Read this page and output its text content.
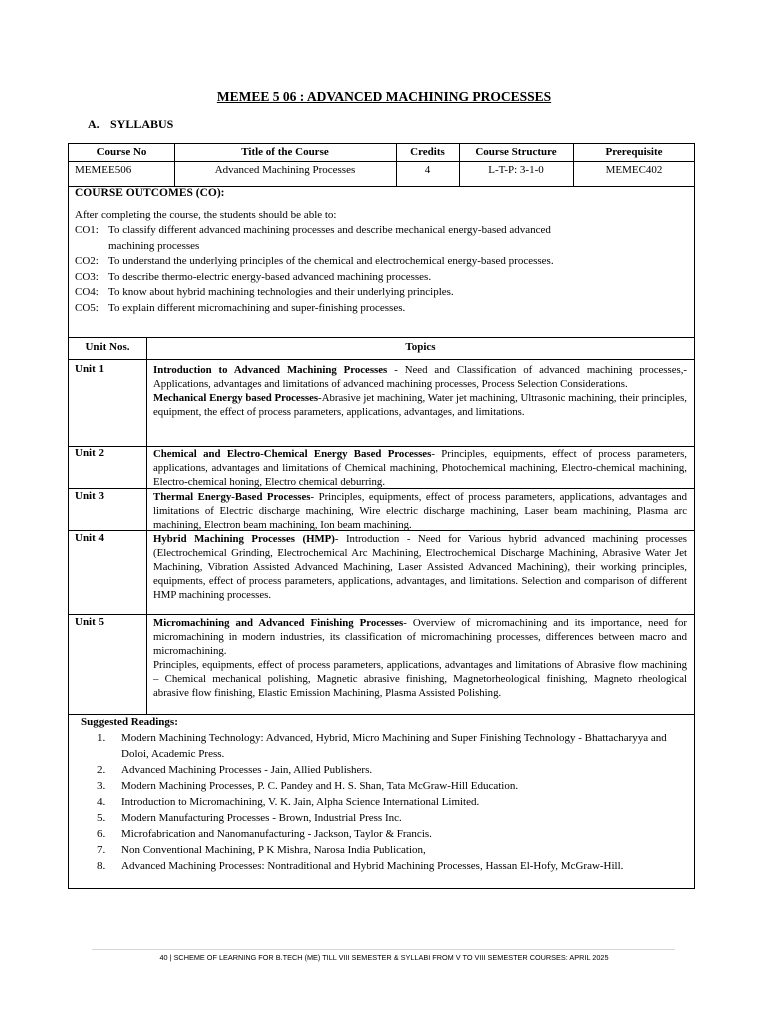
MEMEE 5 06 : ADVANCED MACHINING PROCESSES
A. SYLLABUS
Course No	Title of the Course	Credits	Course Structure	Prerequisite
MEMEE506	Advanced Machining Processes	4	L-T-P: 3-1-0	MEMEC402
COURSE OUTCOMES (CO):
After completing the course, the students should be able to:
CO1: To classify different advanced machining processes and describe mechanical energy-based advanced machining processes
CO2: To understand the underlying principles of the chemical and electrochemical energy-based processes.
CO3: To describe thermo-electric energy-based advanced machining processes.
CO4: To know about hybrid machining technologies and their underlying principles.
CO5: To explain different micromachining and super-finishing processes.
Unit Nos.	Topics
Unit 1	Introduction to Advanced Machining Processes - Need and Classification of advanced machining processes,- Applications, advantages and limitations of advanced machining processes, Process Selection Considerations.

Mechanical Energy based Processes-Abrasive jet machining, Water jet machining, Ultrasonic machining, their principles, equipment, the effect of process parameters, applications, advantages, and limitations.

Unit 2	Chemical and Electro-Chemical Energy Based Processes- Principles, equipments, effect of process parameters, applications, advantages and limitations of Chemical machining, Photochemical machining, Electro-chemical machining, Electro-chemical honing, Electro chemical deburring.

Unit 3	Thermal Energy-Based Processes- Principles, equipments, effect of process parameters, applications, advantages and limitations of Electric discharge machining, Wire electric discharge machining, Laser beam machining, Plasma arc machining, Electron beam machining, Ion beam machining.

Unit 4	Hybrid Machining Processes (HMP)- Introduction - Need for Various hybrid advanced machining processes (Electrochemical Grinding, Electrochemical Arc Machining, Electrochemical Discharge Machining, Abrasive Water Jet Machining, Vibration Assisted Advanced Machining, Laser Assisted Advanced Machining), their working principles, equipments, effect of process parameters, applications, advantages, and limitations. Selection and comparison of different HMP machining processes.

Unit 5	Micromachining and Advanced Finishing Processes- Overview of micromachining and its importance, need for micromachining in modern industries, its classification of micromachining processes, differences between macro and micromachining.

Principles, equipments, effect of process parameters, applications, advantages and limitations of Abrasive flow machining – Chemical mechanical polishing, Magnetic abrasive finishing, Magnetorheological finishing, Magneto rheological abrasive flow finishing, Elastic Emission Machining, Plasma Assisted Polishing.

Suggested Readings:
1. Modern Machining Technology: Advanced, Hybrid, Micro Machining and Super Finishing Technology - Bhattacharyya and Doloi, Academic Press.
2. Advanced Machining Processes - Jain, Allied Publishers.
3. Modern Machining Processes, P. C. Pandey and H. S. Shan, Tata McGraw-Hill Education.
4. Introduction to Micromachining, V. K. Jain, Alpha Science International Limited.
5. Modern Manufacturing Processes - Brown, Industrial Press Inc.
6. Microfabrication and Nanomanufacturing - Jackson, Taylor & Francis.
7. Non Conventional Machining, P K Mishra, Narosa India Publication,
8. Advanced Machining Processes: Nontraditional and Hybrid Machining Processes, Hassan El-Hofy, McGraw-Hill.
40 | SCHEME OF LEARNING FOR B.TECH (ME) TILL VIII SEMESTER & SYLLABI FROM V TO VIII SEMESTER COURSES: APRIL 2025
